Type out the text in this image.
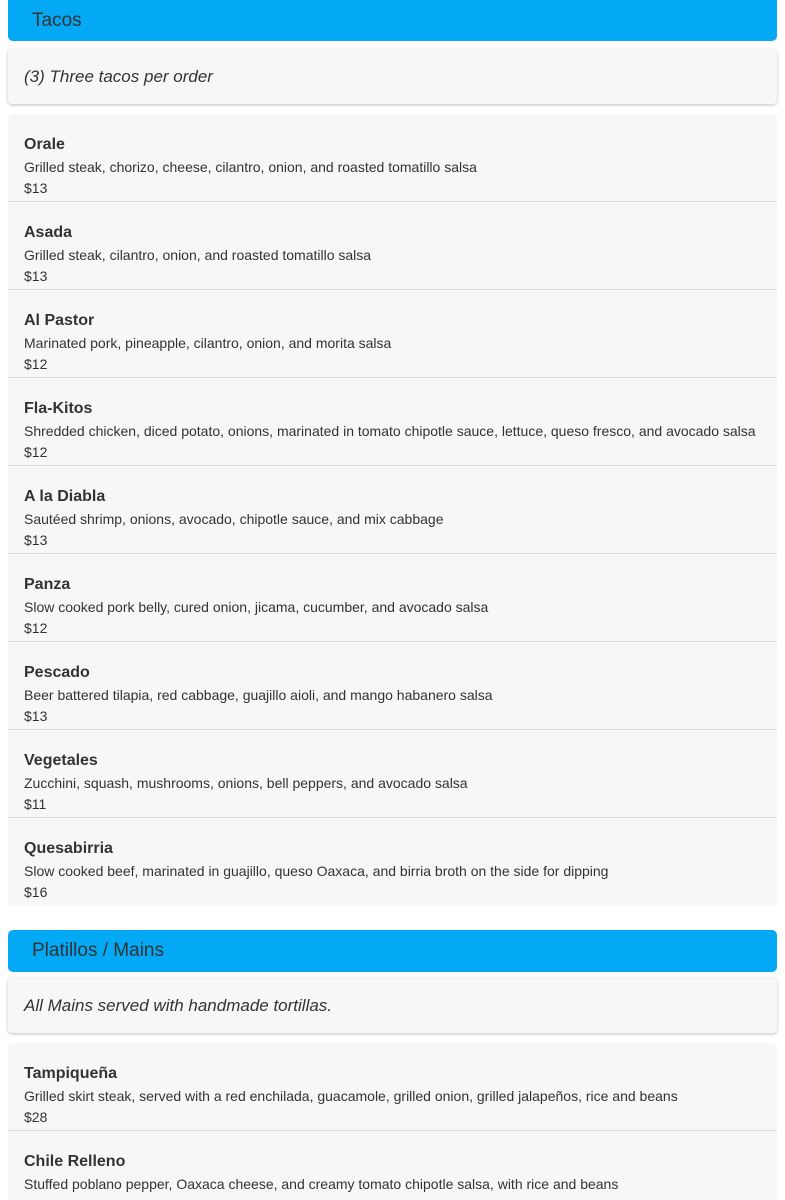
Tacos
(3) Three tacos per order
Orale
Grilled steak, chorizo, cheese, cilantro, onion, and roasted tomatillo salsa
$13
Asada
Grilled steak, cilantro, onion, and roasted tomatillo salsa
$13
Al Pastor
Marinated pork, pineapple, cilantro, onion, and morita salsa
$12
Fla-Kitos
Shredded chicken, diced potato, onions, marinated in tomato chipotle sauce, lettuce, queso fresco, and avocado salsa
$12
A la Diabla
Sautéed shrimp, onions, avocado, chipotle sauce, and mix cabbage
$13
Panza
Slow cooked pork belly, cured onion, jicama, cucumber, and avocado salsa
$12
Pescado
Beer battered tilapia, red cabbage, guajillo aioli, and mango habanero salsa
$13
Vegetales
Zucchini, squash, mushrooms, onions, bell peppers, and avocado salsa
$11
Quesabirria
Slow cooked beef, marinated in guajillo, queso Oaxaca, and birria broth on the side for dipping
$16
Platillos / Mains
All Mains served with handmade tortillas.
Tampiqueña
Grilled skirt steak, served with a red enchilada, guacamole, grilled onion, grilled jalapeños, rice and beans
$28
Chile Relleno
Stuffed poblano pepper, Oaxaca cheese, and creamy tomato chipotle salsa, with rice and beans
